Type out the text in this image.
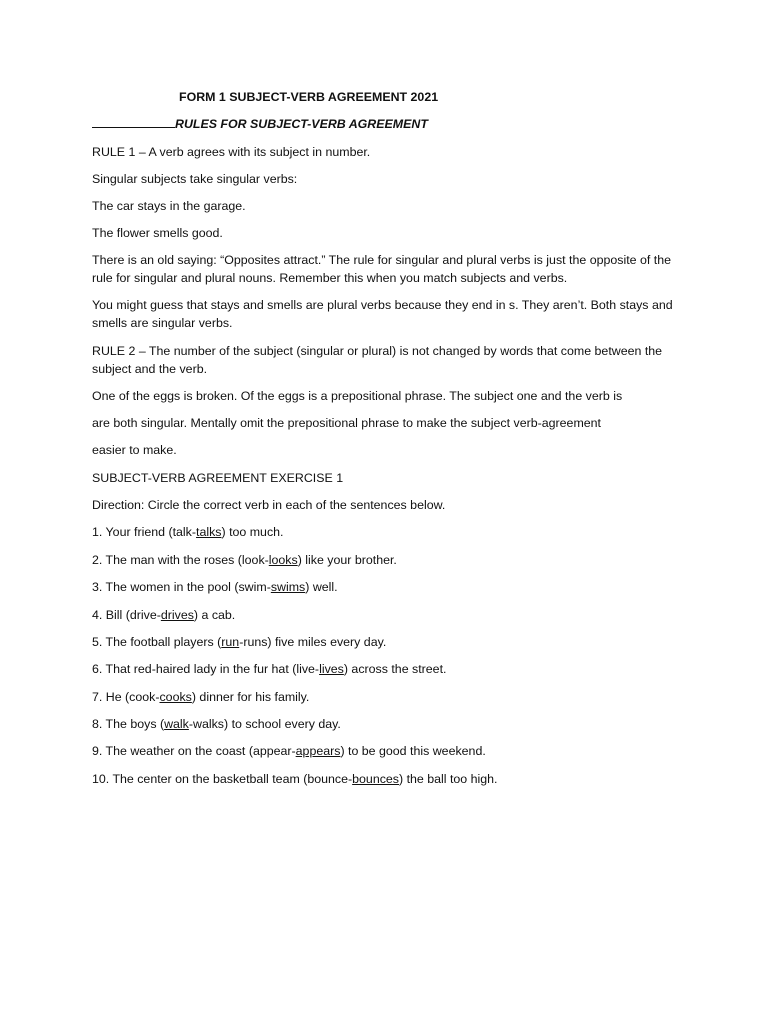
FORM 1 SUBJECT-VERB AGREEMENT 2021
RULES FOR SUBJECT-VERB AGREEMENT
RULE 1 – A verb agrees with its subject in number.
Singular subjects take singular verbs:
The car stays in the garage.
The flower smells good.
There is an old saying: “Opposites attract.” The rule for singular and plural verbs is just the opposite of the rule for singular and plural nouns. Remember this when you match subjects and verbs.
You might guess that stays and smells are plural verbs because they end in s. They aren’t. Both stays and smells are singular verbs.
RULE 2 – The number of the subject (singular or plural) is not changed by words that come between the subject and the verb.
One of the eggs is broken. Of the eggs is a prepositional phrase. The subject one and the verb is
are both singular. Mentally omit the prepositional phrase to make the subject verb-agreement
easier to make.
SUBJECT-VERB AGREEMENT EXERCISE 1
Direction: Circle the correct verb in each of the sentences below.
1. Your friend (talk-talks) too much.
2. The man with the roses (look-looks) like your brother.
3. The women in the pool (swim-swims) well.
4. Bill (drive-drives) a cab.
5. The football players (run-runs) five miles every day.
6. That red-haired lady in the fur hat (live-lives) across the street.
7. He (cook-cooks) dinner for his family.
8. The boys (walk-walks) to school every day.
9. The weather on the coast (appear-appears) to be good this weekend.
10. The center on the basketball team (bounce-bounces) the ball too high.
